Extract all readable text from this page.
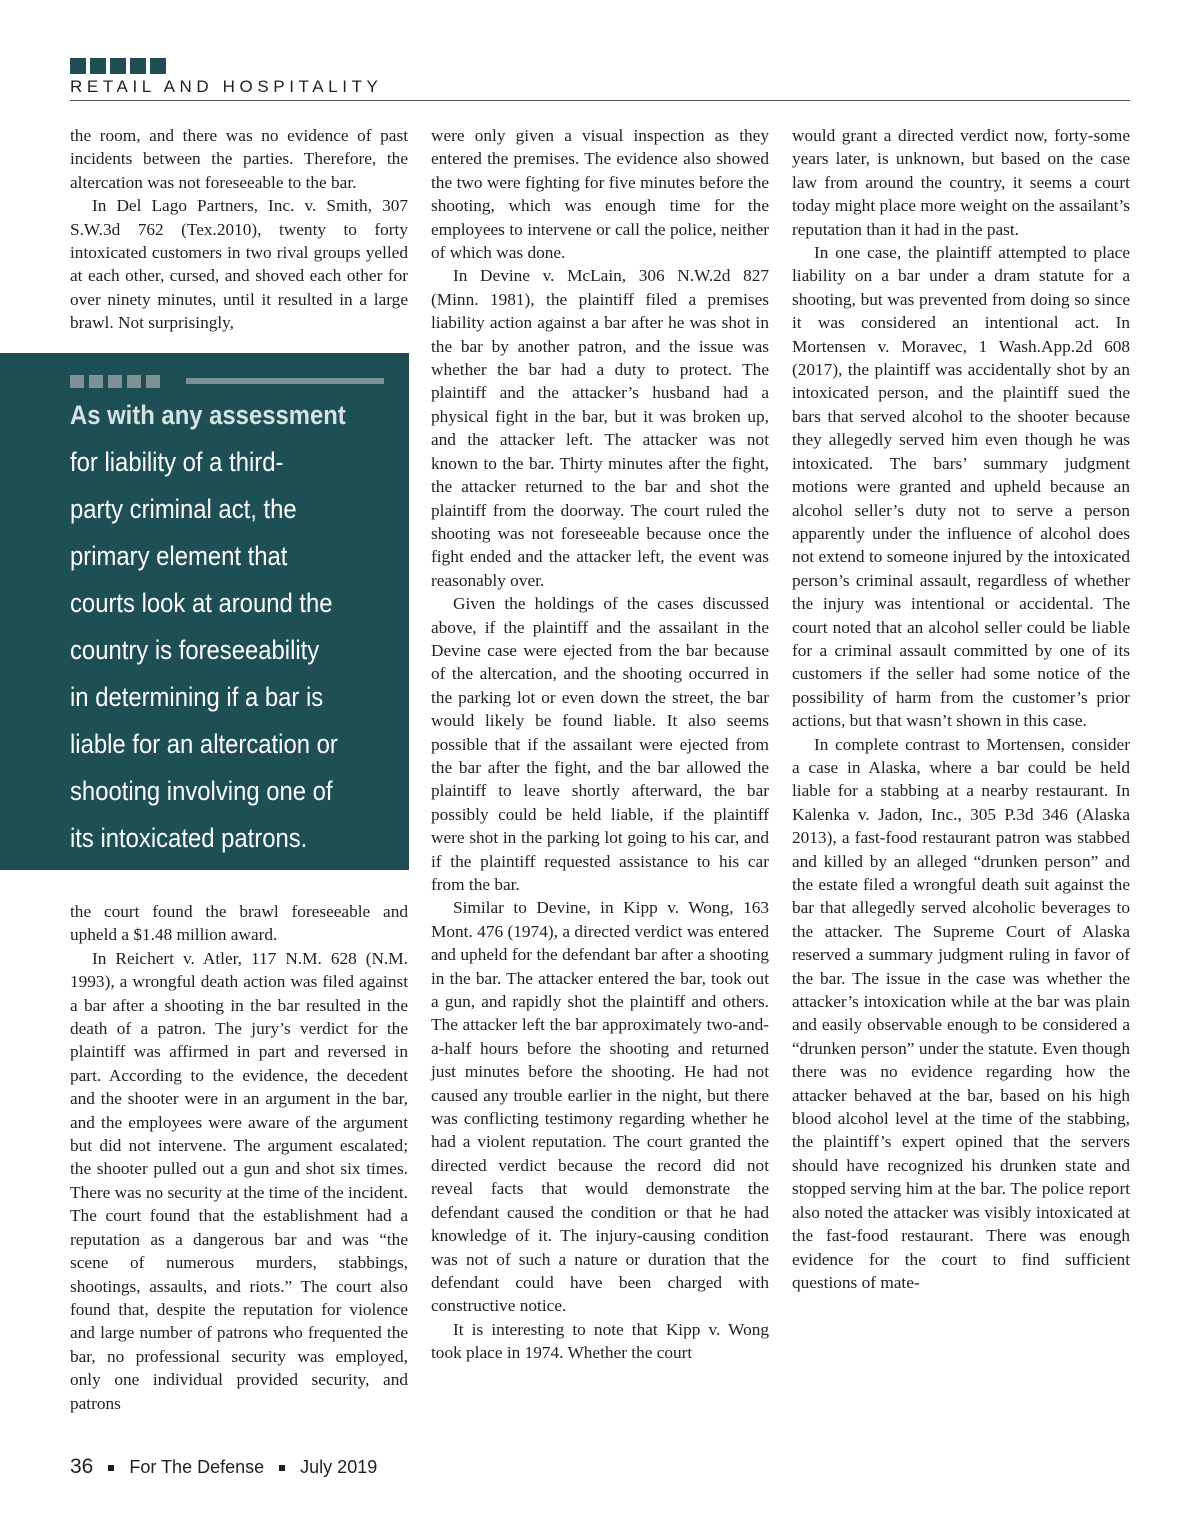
RETAIL AND HOSPITALITY

the room, and there was no evidence of past incidents between the parties. Therefore, the altercation was not foreseeable to the bar.

In Del Lago Partners, Inc. v. Smith, 307 S.W.3d 762 (Tex.2010), twenty to forty intoxicated customers in two rival groups yelled at each other, cursed, and shoved each other for over ninety minutes, until it resulted in a large brawl. Not surprisingly,

As with any assessment
for liability of a third-
party criminal act, the
primary element that
courts look at around the
country is foreseeability
in determining if a bar is
liable for an altercation or
shooting involving one of
its intoxicated patrons.

the court found the brawl foreseeable and upheld a $1.48 million award.

In Reichert v. Atler, 117 N.M. 628 (N.M. 1993), a wrongful death action was filed against a bar after a shooting in the bar resulted in the death of a patron. The jury’s verdict for the plaintiff was affirmed in part and reversed in part. According to the evidence, the decedent and the shooter were in an argument in the bar, and the employees were aware of the argument but did not intervene. The argument escalated; the shooter pulled out a gun and shot six times. There was no security at the time of the incident. The court found that the establishment had a reputation as a dangerous bar and was “the scene of numerous murders, stabbings, shootings, assaults, and riots.” The court also found that, despite the reputation for violence and large number of patrons who frequented the bar, no professional security was employed, only one individual provided security, and patrons

were only given a visual inspection as they entered the premises. The evidence also showed the two were fighting for five minutes before the shooting, which was enough time for the employees to intervene or call the police, neither of which was done.

In Devine v. McLain, 306 N.W.2d 827 (Minn. 1981), the plaintiff filed a premises liability action against a bar after he was shot in the bar by another patron, and the issue was whether the bar had a duty to protect. The plaintiff and the attacker’s husband had a physical fight in the bar, but it was broken up, and the attacker left. The attacker was not known to the bar. Thirty minutes after the fight, the attacker returned to the bar and shot the plaintiff from the doorway. The court ruled the shooting was not foreseeable because once the fight ended and the attacker left, the event was reasonably over.

Given the holdings of the cases discussed above, if the plaintiff and the assailant in the Devine case were ejected from the bar because of the altercation, and the shooting occurred in the parking lot or even down the street, the bar would likely be found liable. It also seems possible that if the assailant were ejected from the bar after the fight, and the bar allowed the plaintiff to leave shortly afterward, the bar possibly could be held liable, if the plaintiff were shot in the parking lot going to his car, and if the plaintiff requested assistance to his car from the bar.

Similar to Devine, in Kipp v. Wong, 163 Mont. 476 (1974), a directed verdict was entered and upheld for the defendant bar after a shooting in the bar. The attacker entered the bar, took out a gun, and rapidly shot the plaintiff and others. The attacker left the bar approximately two-and-a-half hours before the shooting and returned just minutes before the shooting. He had not caused any trouble earlier in the night, but there was conflicting testimony regarding whether he had a violent reputation. The court granted the directed verdict because the record did not reveal facts that would demonstrate the defendant caused the condition or that he had knowledge of it. The injury-causing condition was not of such a nature or duration that the defendant could have been charged with constructive notice.

It is interesting to note that Kipp v. Wong took place in 1974. Whether the court

would grant a directed verdict now, forty-some years later, is unknown, but based on the case law from around the country, it seems a court today might place more weight on the assailant’s reputation than it had in the past.

In one case, the plaintiff attempted to place liability on a bar under a dram statute for a shooting, but was prevented from doing so since it was considered an intentional act. In Mortensen v. Moravec, 1 Wash.App.2d 608 (2017), the plaintiff was accidentally shot by an intoxicated person, and the plaintiff sued the bars that served alcohol to the shooter because they allegedly served him even though he was intoxicated. The bars’ summary judgment motions were granted and upheld because an alcohol seller’s duty not to serve a person apparently under the influence of alcohol does not extend to someone injured by the intoxicated person’s criminal assault, regardless of whether the injury was intentional or accidental. The court noted that an alcohol seller could be liable for a criminal assault committed by one of its customers if the seller had some notice of the possibility of harm from the customer’s prior actions, but that wasn’t shown in this case.

In complete contrast to Mortensen, consider a case in Alaska, where a bar could be held liable for a stabbing at a nearby restaurant. In Kalenka v. Jadon, Inc., 305 P.3d 346 (Alaska 2013), a fast-food restaurant patron was stabbed and killed by an alleged “drunken person” and the estate filed a wrongful death suit against the bar that allegedly served alcoholic beverages to the attacker. The Supreme Court of Alaska reserved a summary judgment ruling in favor of the bar. The issue in the case was whether the attacker’s intoxication while at the bar was plain and easily observable enough to be considered a “drunken person” under the statute. Even though there was no evidence regarding how the attacker behaved at the bar, based on his high blood alcohol level at the time of the stabbing, the plaintiff’s expert opined that the servers should have recognized his drunken state and stopped serving him at the bar. The police report also noted the attacker was visibly intoxicated at the fast-food restaurant. There was enough evidence for the court to find sufficient questions of mate-

36 For The Defense July 2019
